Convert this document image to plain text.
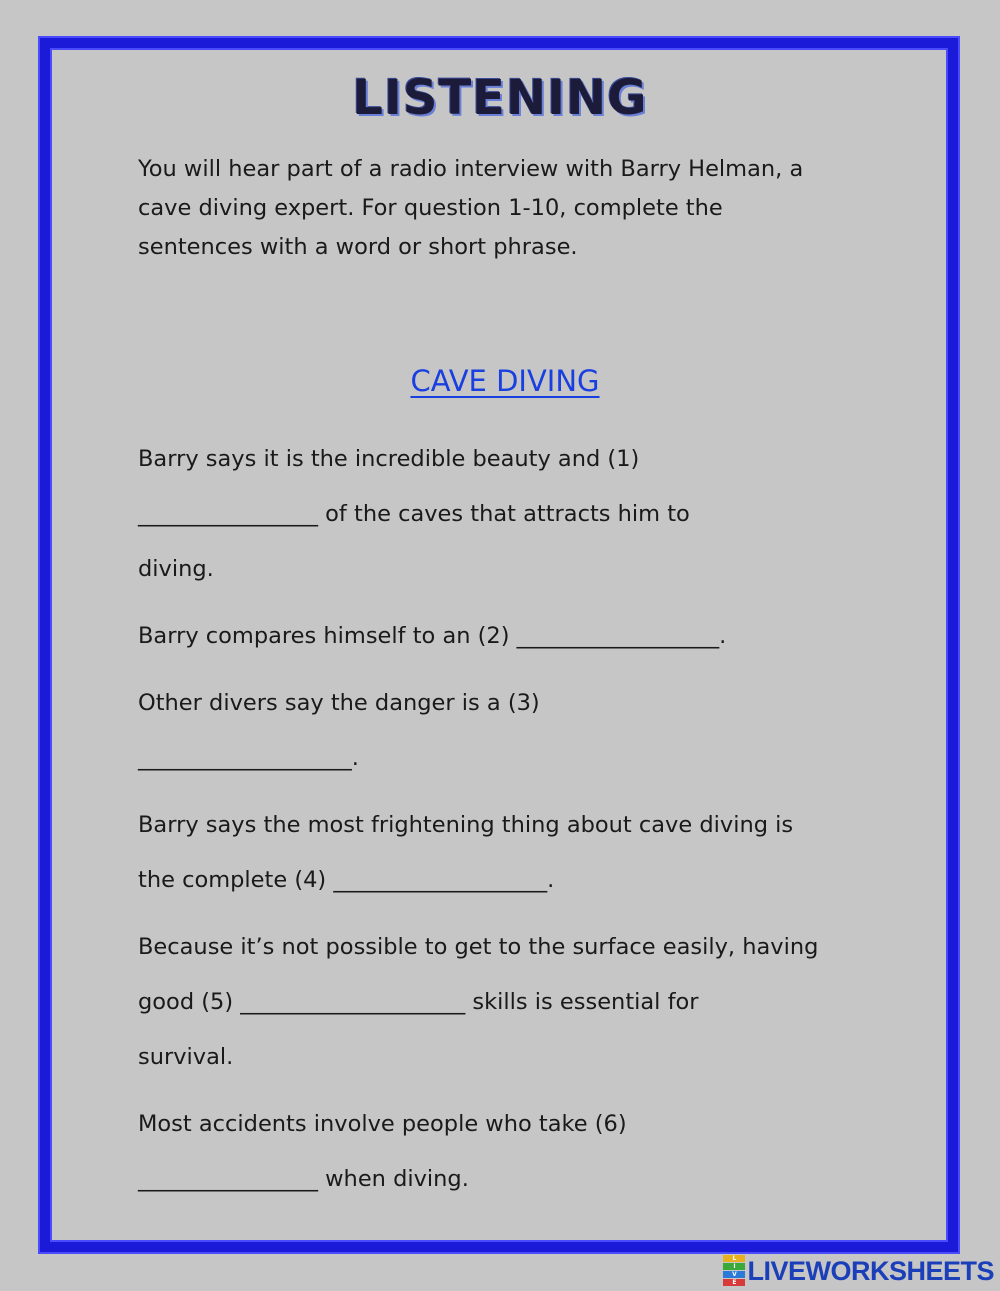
LISTENING
You will hear part of a radio interview with Barry Helman, a
cave diving expert. For question 1-10, complete the
sentences with a word or short phrase.
CAVE DIVING
Barry says it is the incredible beauty and (1)
________________ of the caves that attracts him to
diving.
Barry compares himself to an (2) __________________.
Other divers say the danger is a (3)
___________________.
Barry says the most frightening thing about cave diving is
the complete (4) ___________________.
Because it’s not possible to get to the surface easily, having
good (5) ____________________ skills is essential for
survival.
Most accidents involve people who take (6)
________________ when diving.
L
I
V
E LIVEWORKSHEETS
